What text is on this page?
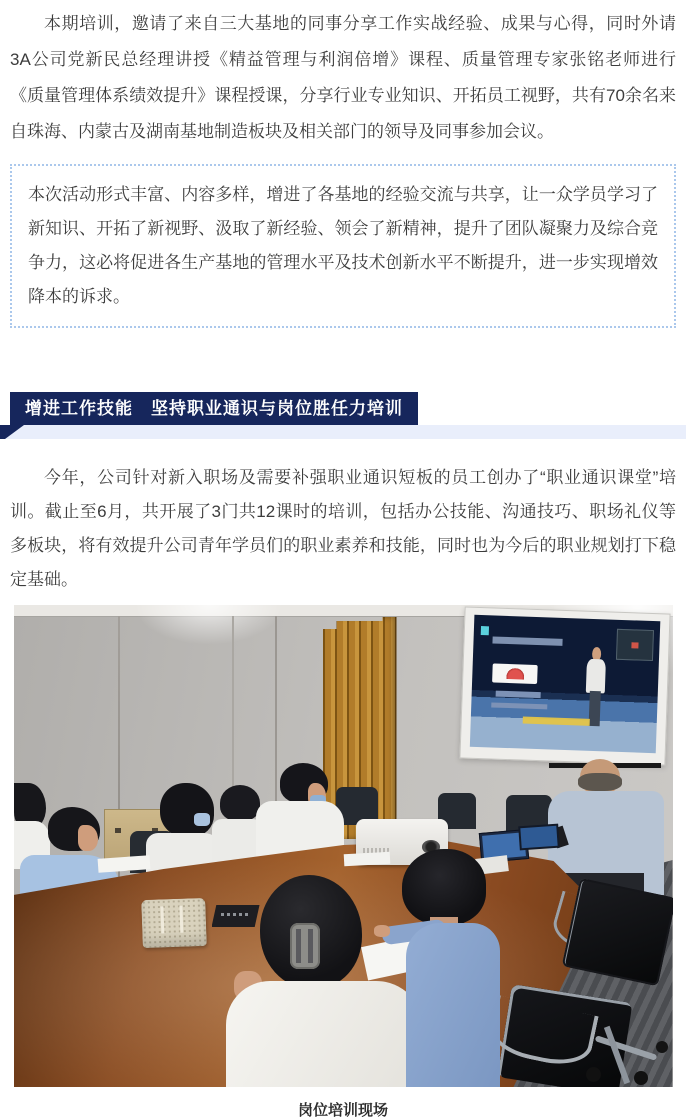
本期培训，邀请了来自三大基地的同事分享工作实战经验、成果与心得，同时外请3A公司党新民总经理讲授《精益管理与利润倍增》课程、质量管理专家张铭老师进行《质量管理体系绩效提升》课程授课，分享行业专业知识、开拓员工视野，共有70余名来自珠海、内蒙古及湖南基地制造板块及相关部门的领导及同事参加会议。

本次活动形式丰富、内容多样，增进了各基地的经验交流与共享，让一众学员学习了新知识、开拓了新视野、汲取了新经验、领会了新精神，提升了团队凝聚力及综合竞争力，这必将促进各生产基地的管理水平及技术创新水平不断提升，进一步实现增效降本的诉求。
增进工作技能　坚持职业通识与岗位胜任力培训

今年，公司针对新入职场及需要补强职业通识短板的员工创办了“职业通识课堂”培训。截止至6月，共开展了3门共12课时的培训，包括办公技能、沟通技巧、职场礼仪等多板块，将有效提升公司青年学员们的职业素养和技能，同时也为今后的职业规划打下稳定基础。

岗位培训现场
